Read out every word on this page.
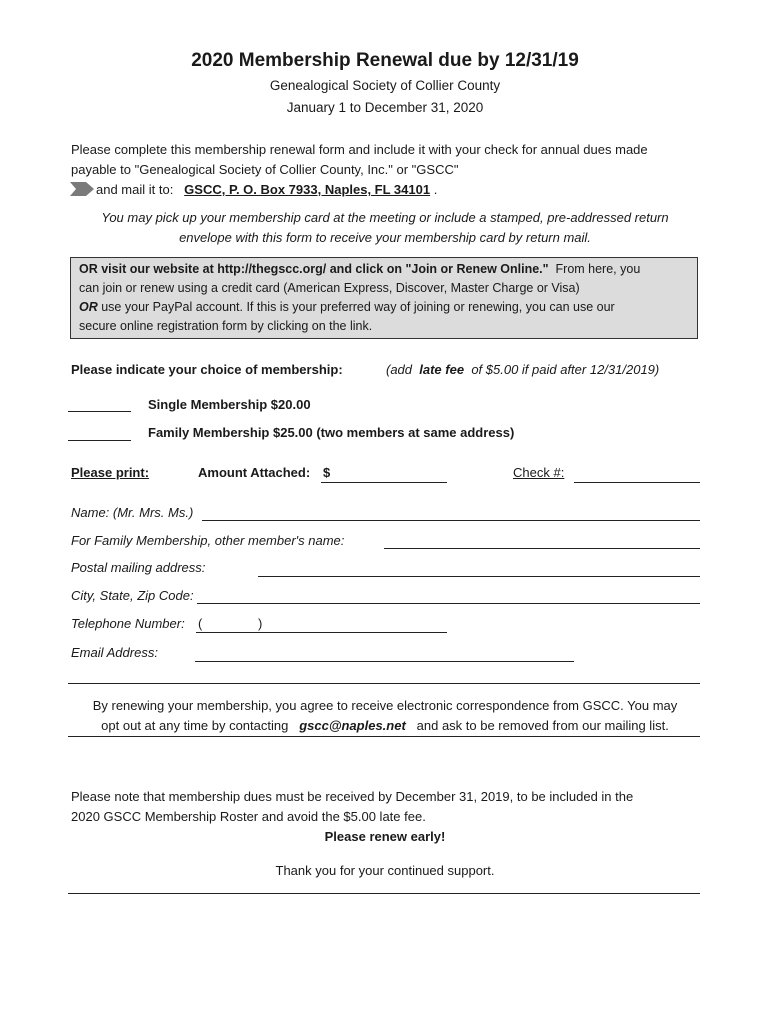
2020 Membership Renewal due by 12/31/19
Genealogical Society of Collier County
January 1 to December 31, 2020
Please complete this membership renewal form and include it with your check for annual dues made
payable to "Genealogical Society of Collier County, Inc." or "GSCC"
and mail it to: GSCC, P. O. Box 7933, Naples, FL 34101 .
You may pick up your membership card at the meeting or include a stamped, pre-addressed return
envelope with this form to receive your membership card by return mail.
OR visit our website at http://thegscc.org/ and click on "Join or Renew Online." From here, you
can join or renew using a credit card (American Express, Discover, Master Charge or Visa)
OR use your PayPal account. If this is your preferred way of joining or renewing, you can use our
secure online registration form by clicking on the link.
Please indicate your choice of membership:	(add late fee of $5.00 if paid after 12/31/2019)
Single Membership $20.00
Family Membership $25.00 (two members at same address)
Please print:	Amount Attached: $	Check #:
Name: (Mr. Mrs. Ms.)
For Family Membership, other member's name:
Postal mailing address:
City, State, Zip Code:
Telephone Number: (	)
Email Address:
By renewing your membership, you agree to receive electronic correspondence from GSCC. You may
opt out at any time by contacting gscc@naples.net and ask to be removed from our mailing list.
Please note that membership dues must be received by December 31, 2019, to be included in the
2020 GSCC Membership Roster and avoid the $5.00 late fee.
Please renew early!
Thank you for your continued support.
